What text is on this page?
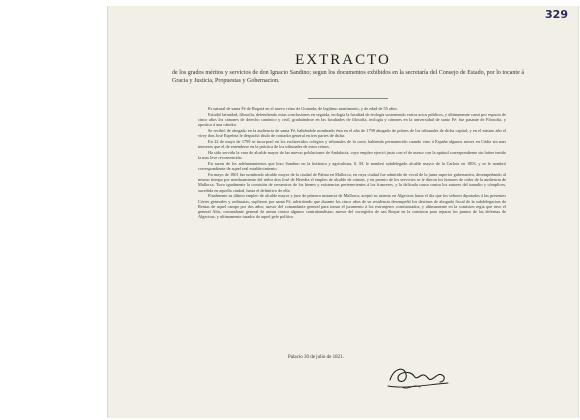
329
EXTRACTO
de los grados méritos y servicios de don Ignacio Sandino; segun los documentos exhibidos en la secretaría del Consejo de Estado, por lo tocante á Gracia y Justicia, Propuestas y Gobernacion.

Es natural de santa Fé de Bogotá en el nuevo reino de Granada; de legítimo matrimonio, y de edad de 55 años.

Estudió latinidad, filosofía, defendiendo estas conclusiones en seguida, teología la facultad de teología sosteniendo varios actos públicos, y últimamente cursó por espacio de cinco años los cánones de derecho canónico y civil, graduándose en las facultades de filosofía, teología y cánones en la universidad de santo Fé: fue pasante de Filosofía, y opositor á una cátedra.

Se recibió de abogado en la audiencia de santa Fé, habiéndole nombrado ésta en el año de 1798 abogado de pobres de los tribunales de dicha capital; y en el mismo año el virey don José Espeleta le despachó título de contador general en tres partes de dicha.

En 22 de mayo de 1799 se incorporó en los esclarecidos colegios y tribunales de la corte, habiendo permanecido cuando vino á España algunos meses en Cádiz sin mas intereses que el de entenderse en la práctica de los tribunales de estos reinos.

Ha sido servido la vara de alcalde mayor de las nuevas poblaciones de Andalucía, cuyo empleo ejerció justo con el de asesor con la aptitud correspondiente sin haber tenido la mas leve reconvención.

En razon de los adelantamientos que hizo Sandino en la botánica y agricultura, S. M. le nombró subdelegado alcalde mayor de la Carlota en 1803, y se le nombró correspondiente de aquel real establecimiento.

En mayo de 1801 fue nombrado alcalde mayor de la ciudad de Palma en Mallorca, en cuya ciudad fue admitido de vocal de la junta superior gubernativa, desempeñando al mismo tiempo por nombramiento del señor don José de Heredia el empleo de alcalde de crimen, y en premio de los servicios se le dieron los honores de oidor de la audiencia de Mallorca. Tuvo igualmente la comisión de secuestros de los bienes y existencias pertenecientes á los franceses, y la delicada causa contra los autores del tumulto y cómplices, sucedida en aquella ciudad, hasta el definitivo de ella.

Finalmente su último empleo de alcalde mayor y juez de primera instancia de Mallorca, aceptó su asiento en Algeciras hasta el dia que los señores diputados á las presentes Córtes generales y ordinarias, suplieron por santa Fé, advirtiendo que durante los cinco años de su residencia desempeñó los destinos de abogado fiscal de la subdelegacion de Rentas de aquel campo por dos años; asesor del comandante general para tomar el juramento á los extranjeros comisionados; y ultimamente en la comision regia que tuvo el general Alós, comandante general de armas contra algunos contrabandistas; asesor del corregidor de san Roque en la comision para reparar los puntos de las defensas de Algeciras; y ultimamente tasador de aquel gefe político.

Palacio 30 de julio de 1821.
